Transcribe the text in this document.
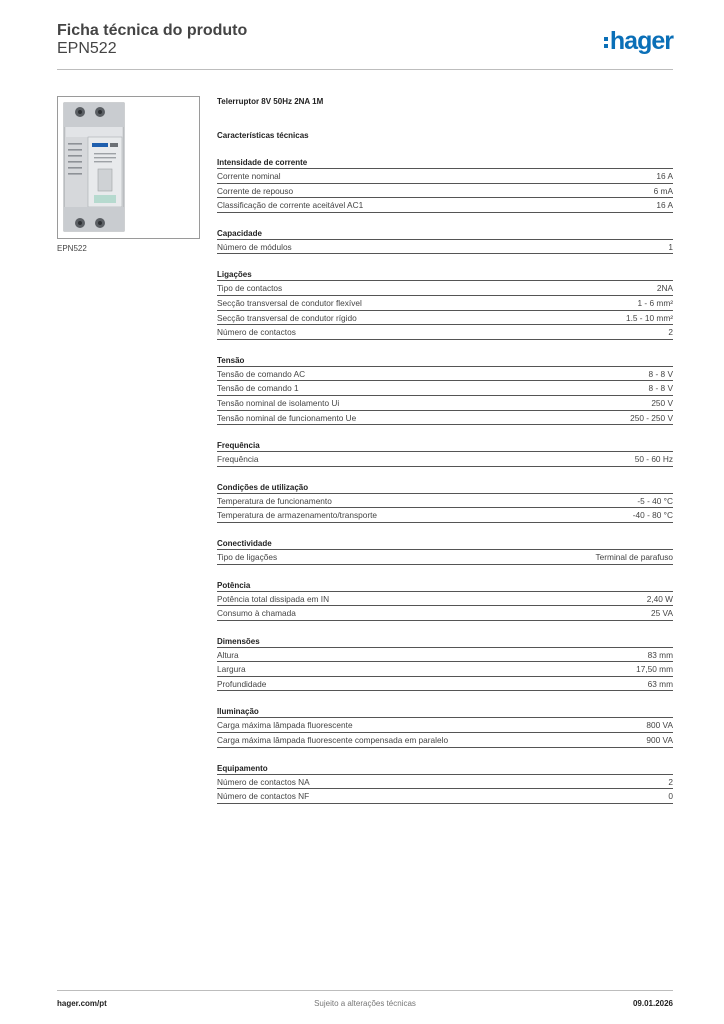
Ficha técnica do produto
EPN522	hager
EPN522
Telerruptor 8V 50Hz 2NA 1M
Características técnicas
Intensidade de corrente
Corrente nominal	16 A
Corrente de repouso	6 mA
Classificação de corrente aceitável AC1	16 A
Capacidade
Número de módulos	1
Ligações
Tipo de contactos	2NA
Secção transversal de condutor flexível	1 - 6 mm²
Secção transversal de condutor rígido	1.5 - 10 mm²
Número de contactos	2
Tensão
Tensão de comando AC	8 - 8 V
Tensão de comando 1	8 - 8 V
Tensão nominal de isolamento Ui	250 V
Tensão nominal de funcionamento Ue	250 - 250 V
Frequência
Frequência	50 - 60 Hz
Condições de utilização
Temperatura de funcionamento	-5 - 40 °C
Temperatura de armazenamento/transporte	-40 - 80 °C
Conectividade
Tipo de ligações	Terminal de parafuso
Potência
Potência total dissipada em IN	2,40 W
Consumo à chamada	25 VA
Dimensões
Altura	83 mm
Largura	17,50 mm
Profundidade	63 mm
Iluminação
Carga máxima lâmpada fluorescente	800 VA
Carga máxima lâmpada fluorescente compensada em paralelo	900 VA
Equipamento
Número de contactos NA	2
Número de contactos NF	0
hager.com/pt	Sujeito a alterações técnicas	09.01.2026
